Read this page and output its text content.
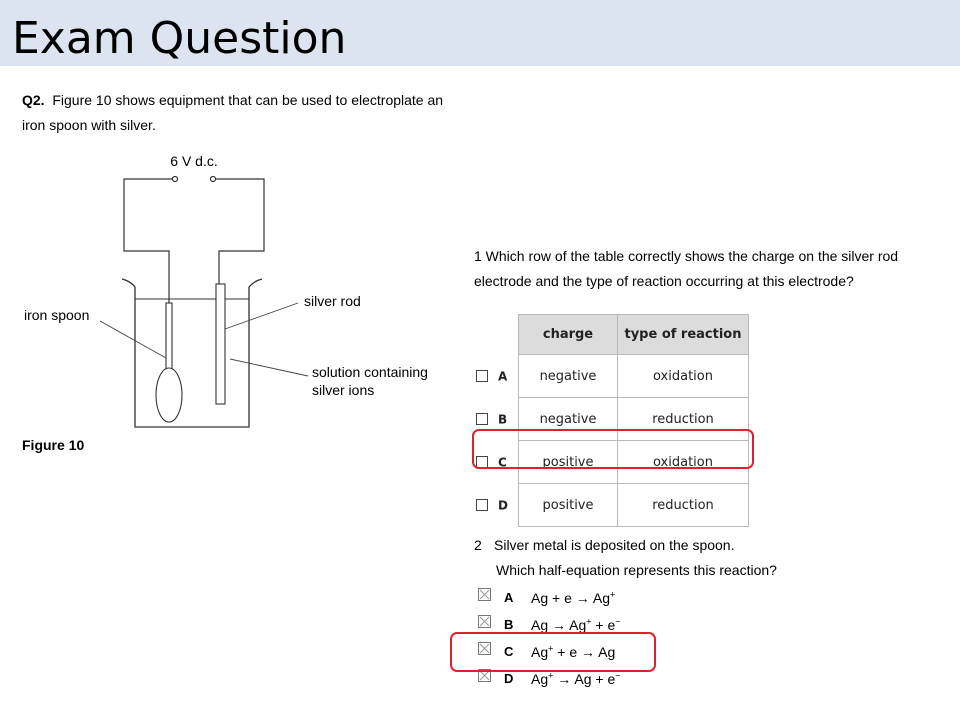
Exam Question
Q2. Figure 10 shows equipment that can be used to electroplate an iron spoon with silver.
6 V d.c.
iron spoon
silver rod
solution containing
silver ions
Figure 10
1 Which row of the table correctly shows the charge on the silver rod electrode and the type of reaction occurring at this electrode?
	charge	type of reaction
A	negative	oxidation
B	negative	reduction
C	positive	oxidation
D	positive	reduction
2 Silver metal is deposited on the spoon.
Which half-equation represents this reaction?
A Ag + e → Ag+
B Ag → Ag+ + e−
C Ag+ + e → Ag
D Ag+ → Ag + e−
